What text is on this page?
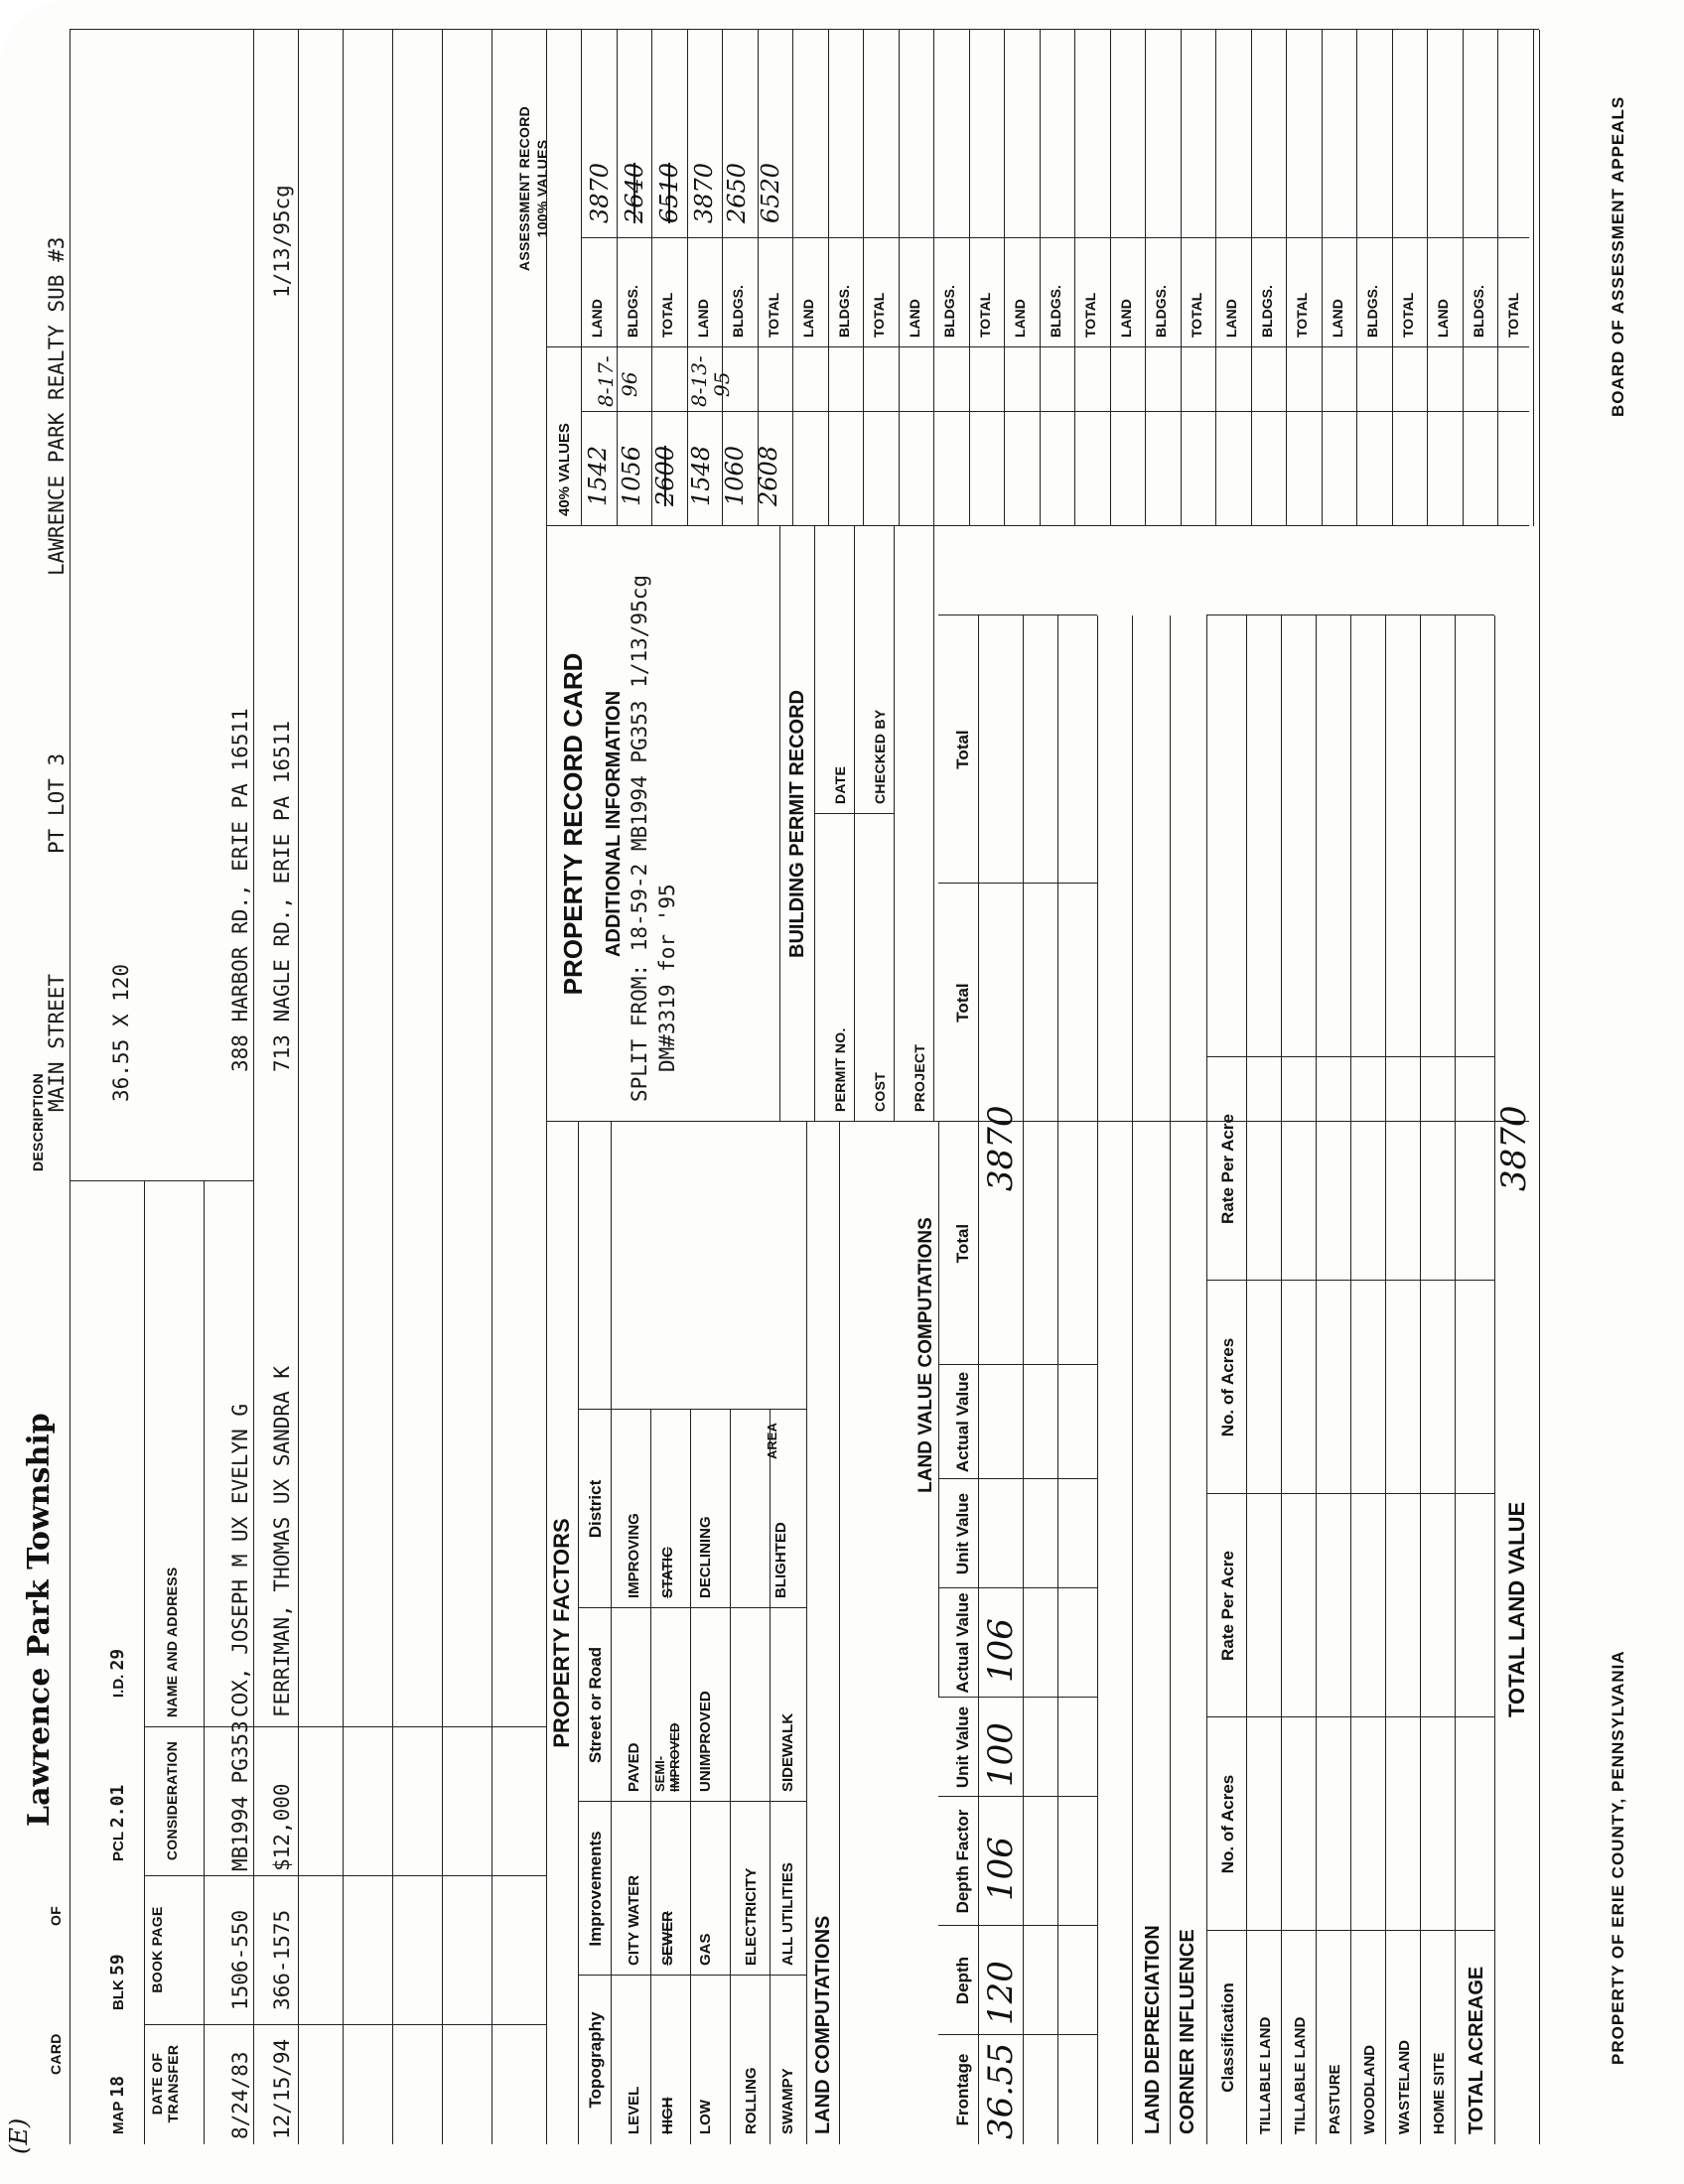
(E)
CARD
OF
Lawrence Park Township
DESCRIPTION
MAIN STREET
PT LOT 3
LAWRENCE PARK REALTY SUB #3
MAP 18
BLK 59
PCL 2.01
I.D. 29
36.55 X 120
DATE OF TRANSFER
BOOK PAGE
CONSIDERATION
NAME AND ADDRESS
8/24/83
1506-550
MB1994 PG353
COX, JOSEPH M UX EVELYN G
388 HARBOR RD., ERIE PA 16511
12/15/94
366-1575
$12,000
FERRIMAN, THOMAS UX SANDRA K
713 NAGLE RD., ERIE PA 16511
1/13/95cg
PROPERTY FACTORS
Topography
Improvements
Street or Road
District
LEVEL HIGH LOW ROLLING SWAMPY
CITY WATER SEWER GAS ELECTRICITY ALL UTILITIES
PAVED SEMI- IMPROVED UNIMPROVED	SIDEWALK
IMPROVING STATIC DECLINING	BLIGHTED
AREA
PROPERTY RECORD CARD ADDITIONAL INFORMATION SPLIT FROM: 18-59-2 MB1994 PG353 1/13/95cg DM#3319 for '95
40% VALUES 1542 1056 2600 1548 1060 2608
8-17- 96 8-13- 95
ASSESSMENT RECORD 100% VALUES 3870 2640 6510 3870 2650 6520
BUILDING PERMIT RECORD
PERMIT NO.
DATE
COST
CHECKED BY
PROJECT
LAND COMPUTATIONS
LAND VALUE COMPUTATIONS
Frontage
Depth
Depth Factor
Unit Value
Actual Value
Unit Value
Actual Value
Total
Total
Total
36.55
120
106
100
106
3870
LAND DEPRECIATION CORNER INFLUENCE Classification
No. of Acres
Rate Per Acre
No. of Acres
Rate Per Acre
TILLABLE LAND TILLABLE LAND PASTURE WOODLAND WASTELAND HOME SITE TOTAL ACREAGE
TOTAL LAND VALUE
3870
PROPERTY OF ERIE COUNTY, PENNSYLVANIA
BOARD OF ASSESSMENT APPEALS
LAND BLDGS. TOTAL LAND BLDGS. TOTAL LAND BLDGS. TOTAL LAND BLDGS. TOTAL LAND BLDGS. TOTAL LAND BLDGS. TOTAL LAND BLDGS. TOTAL LAND BLDGS. TOTAL LAND BLDGS. TOTAL
